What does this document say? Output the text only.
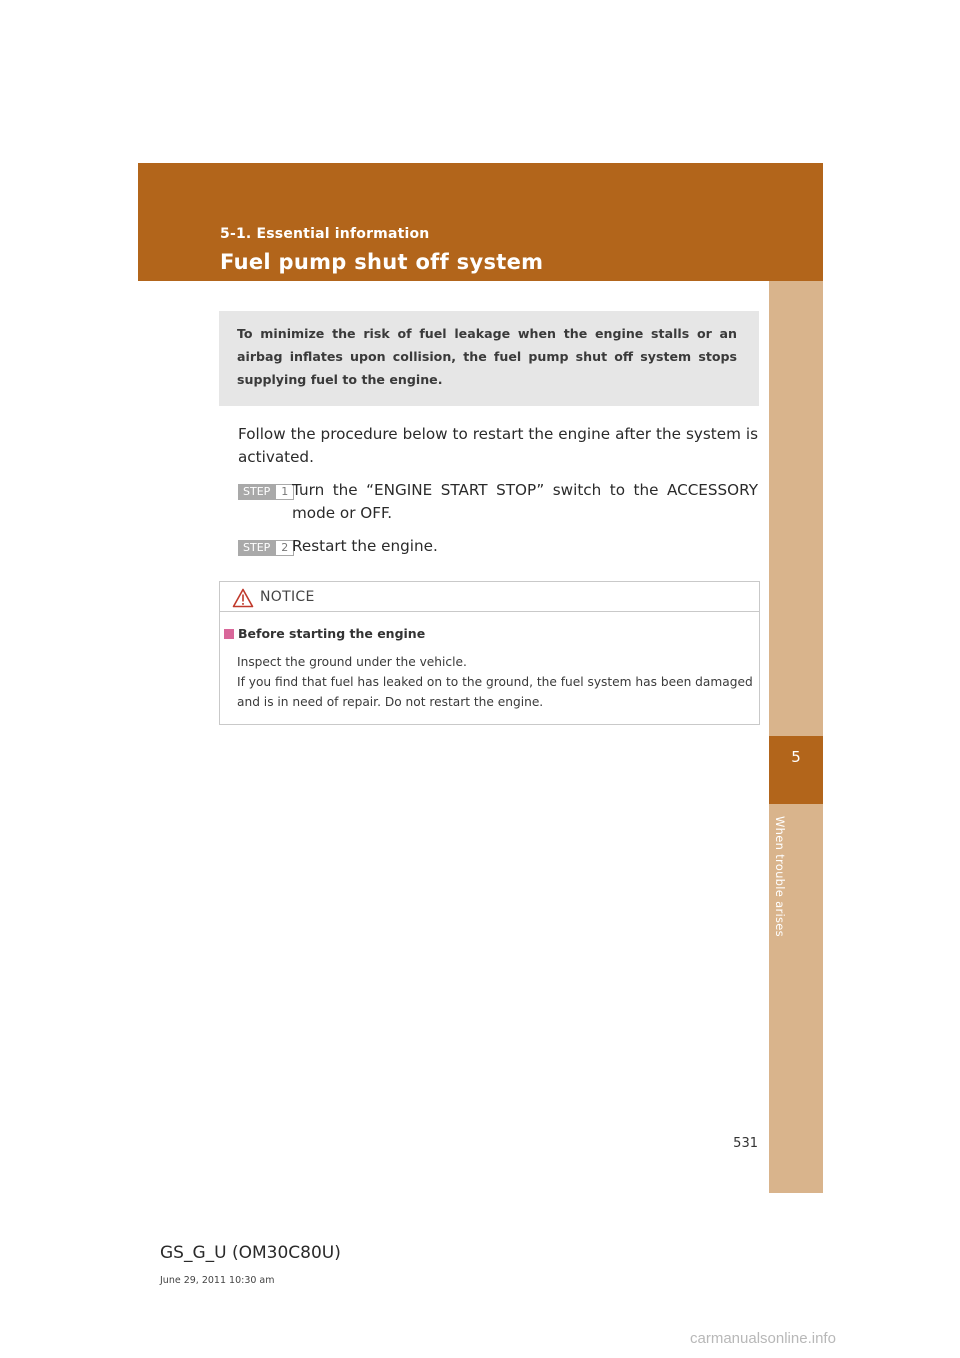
5-1. Essential information
Fuel pump shut off system
5
When trouble arises

To minimize the risk of fuel leakage when the engine stalls or an airbag inflates upon collision, the fuel pump shut off system stops supplying fuel to the engine.

Follow the procedure below to restart the engine after the system is activated.

STEP	1 Turn the “ENGINE START STOP” switch to the ACCESSORY mode or OFF.

STEP	2 Restart the engine.

NOTICE
Before starting the engine

Inspect the ground under the vehicle.
If you find that fuel has leaked on to the ground, the fuel system has been damaged and is in need of repair. Do not restart the engine.

531
GS_G_U (OM30C80U)
June 29, 2011 10:30 am
carmanualsonline.info
